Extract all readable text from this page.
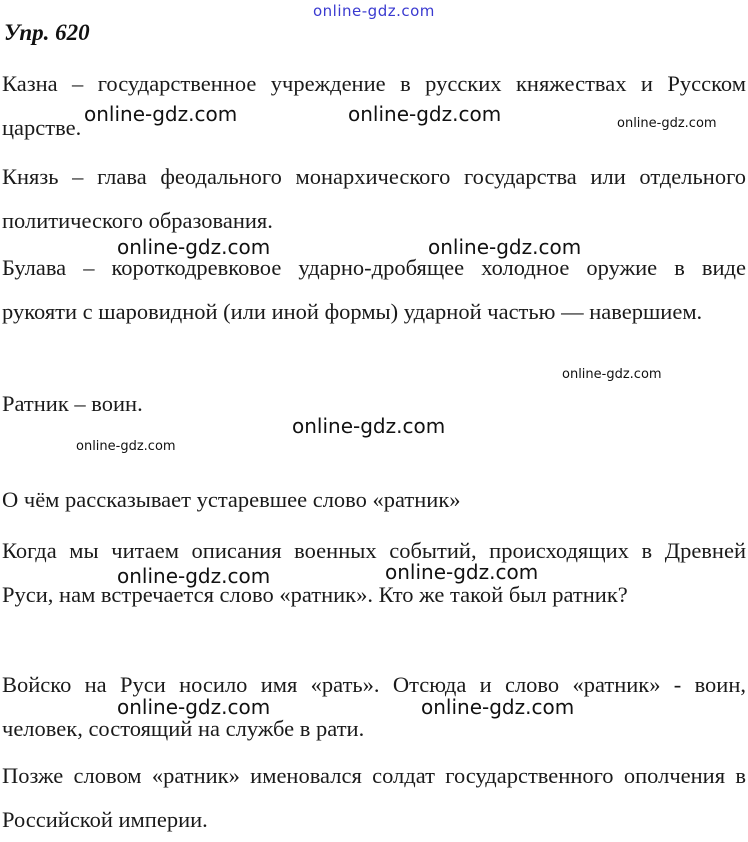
online-gdz.com
Упр. 620
Казна – государственное учреждение в русских княжествах и Русском царстве.
Князь – глава феодального монархического государства или отдельного политического образования.
Булава – короткодревковое ударно-дробящее холодное оружие в виде рукояти с шаровидной (или иной формы) ударной частью — навершием.
Ратник – воин.
О чём рассказывает устаревшее слово «ратник»
Когда мы читаем описания военных событий, происходящих в Древней Руси, нам встречается слово «ратник». Кто же такой был ратник?
Войско на Руси носило имя «рать». Отсюда и слово «ратник» - воин, человек, состоящий на службе в рати.
Позже словом «ратник» именовался солдат государственного ополчения в Российской империи.
online-gdz.com	online-gdz.com	online-gdz.com
online-gdz.com	online-gdz.com
online-gdz.com
online-gdz.com
online-gdz.com
online-gdz.com	online-gdz.com
online-gdz.com	online-gdz.com
